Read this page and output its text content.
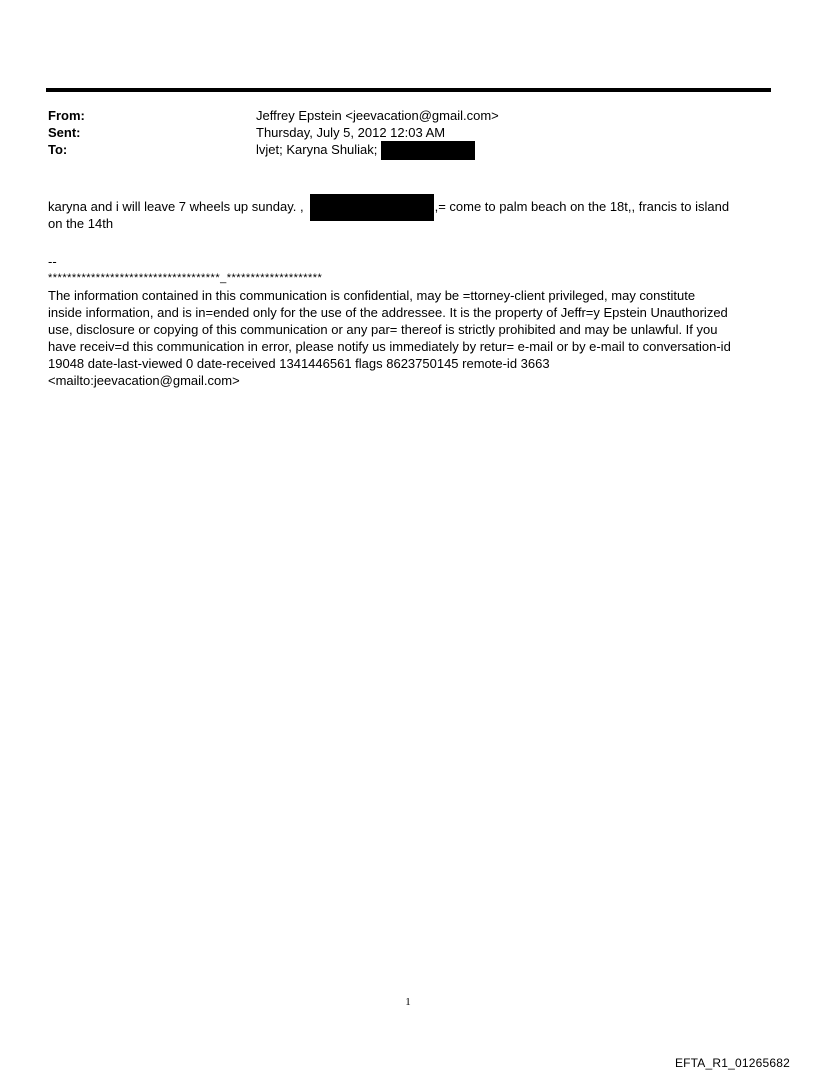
From:	Jeffrey Epstein <jeevacation@gmail.com>
Sent:	Thursday, July 5, 2012 12:03 AM
To:	lvjet; Karyna Shuliak;
karyna and i will leave 7 wheels up sunday. ,	,= come to palm beach on the 18t,, francis to island
on the 14th
--
************************************_********************

The information contained in this communication is confidential, may be =ttorney-client privileged, may constitute

inside information, and is in=ended only for the use of the addressee. It is the property of Jeffr=y Epstein Unauthorized

use, disclosure or copying of this communication or any par= thereof is strictly prohibited and may be unlawful. If you

have receiv=d this communication in error, please notify us immediately by retur= e-mail or by e-mail to conversation-id

19048 date-last-viewed 0 date-received 1341446561 flags 8623750145 remote-id 3663

<mailto:jeevacation@gmail.com>

1
EFTA_R1_01265682
